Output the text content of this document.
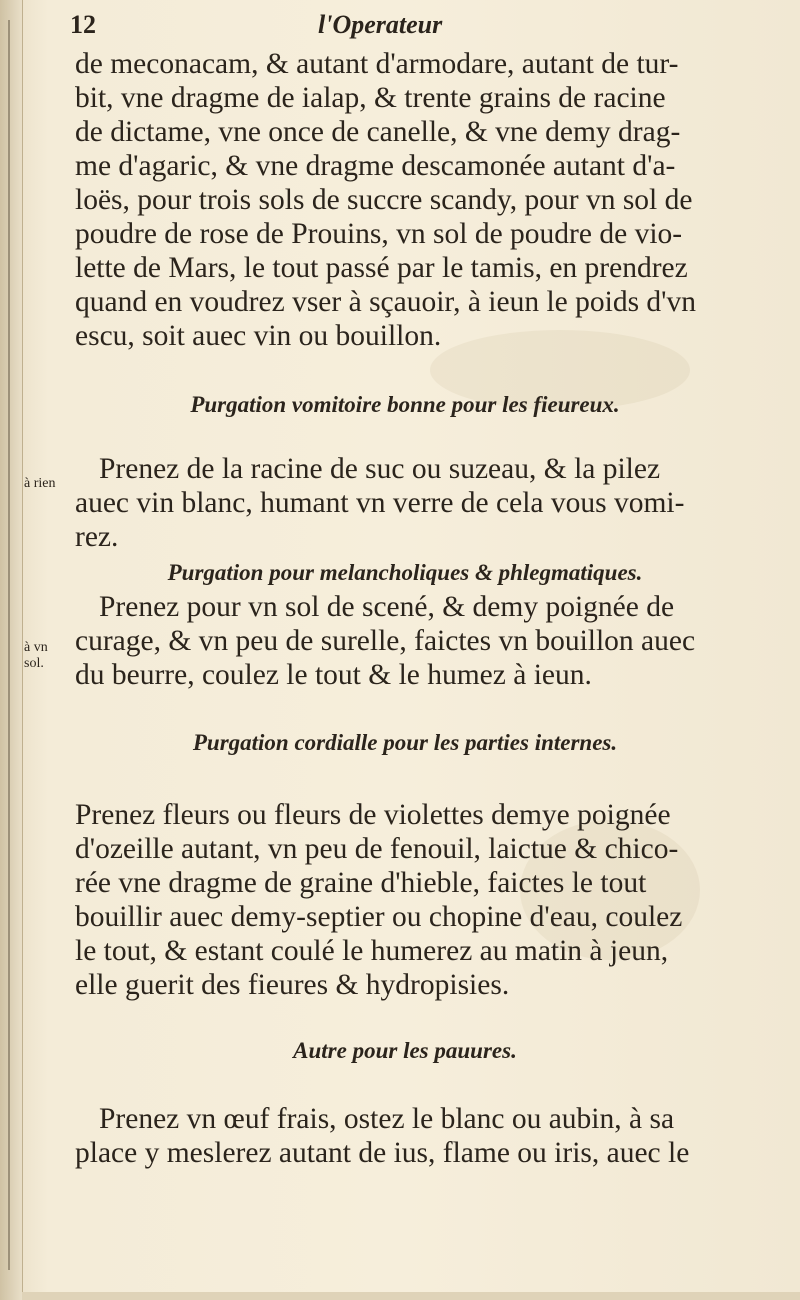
12	l'Operateur
de meconacam, & autant d'armodare, autant de tur-
bit, vne dragme de ialap, & trente grains de racine
de dictame, vne once de canelle, & vne demy drag-
me d'agaric, & vne dragme descamonée autant d'a-
loës, pour trois sols de succre scandy, pour vn sol de
poudre de rose de Prouins, vn sol de poudre de vio-
lette de Mars, le tout passé par le tamis, en prendrez
quand en voudrez vser à sçauoir, à ieun le poids d'vn
escu, soit auec vin ou bouillon.
Purgation vomitoire bonne pour les fieureux.
Prenez de la racine de suc ou suzeau, & la pilez
auec vin blanc, humant vn verre de cela vous vomi-
rez.
à rien
Purgation pour melancholiques & phlegmatiques.
Prenez pour vn sol de scené, & demy poignée de
curage, & vn peu de surelle, faictes vn bouillon auec
du beurre, coulez le tout & le humez à ieun.
à vn
sol.
Purgation cordialle pour les parties internes.
Prenez fleurs ou fleurs de violettes demye poignée
d'ozeille autant, vn peu de fenouil, laictue & chico-
rée vne dragme de graine d'hieble, faictes le tout
bouillir auec demy-septier ou chopine d'eau, coulez
le tout, & estant coulé le humerez au matin à jeun,
elle guerit des fieures & hydropisies.
Autre pour les pauures.
Prenez vn œuf frais, ostez le blanc ou aubin, à sa
place y meslerez autant de ius, flame ou iris, auec le
